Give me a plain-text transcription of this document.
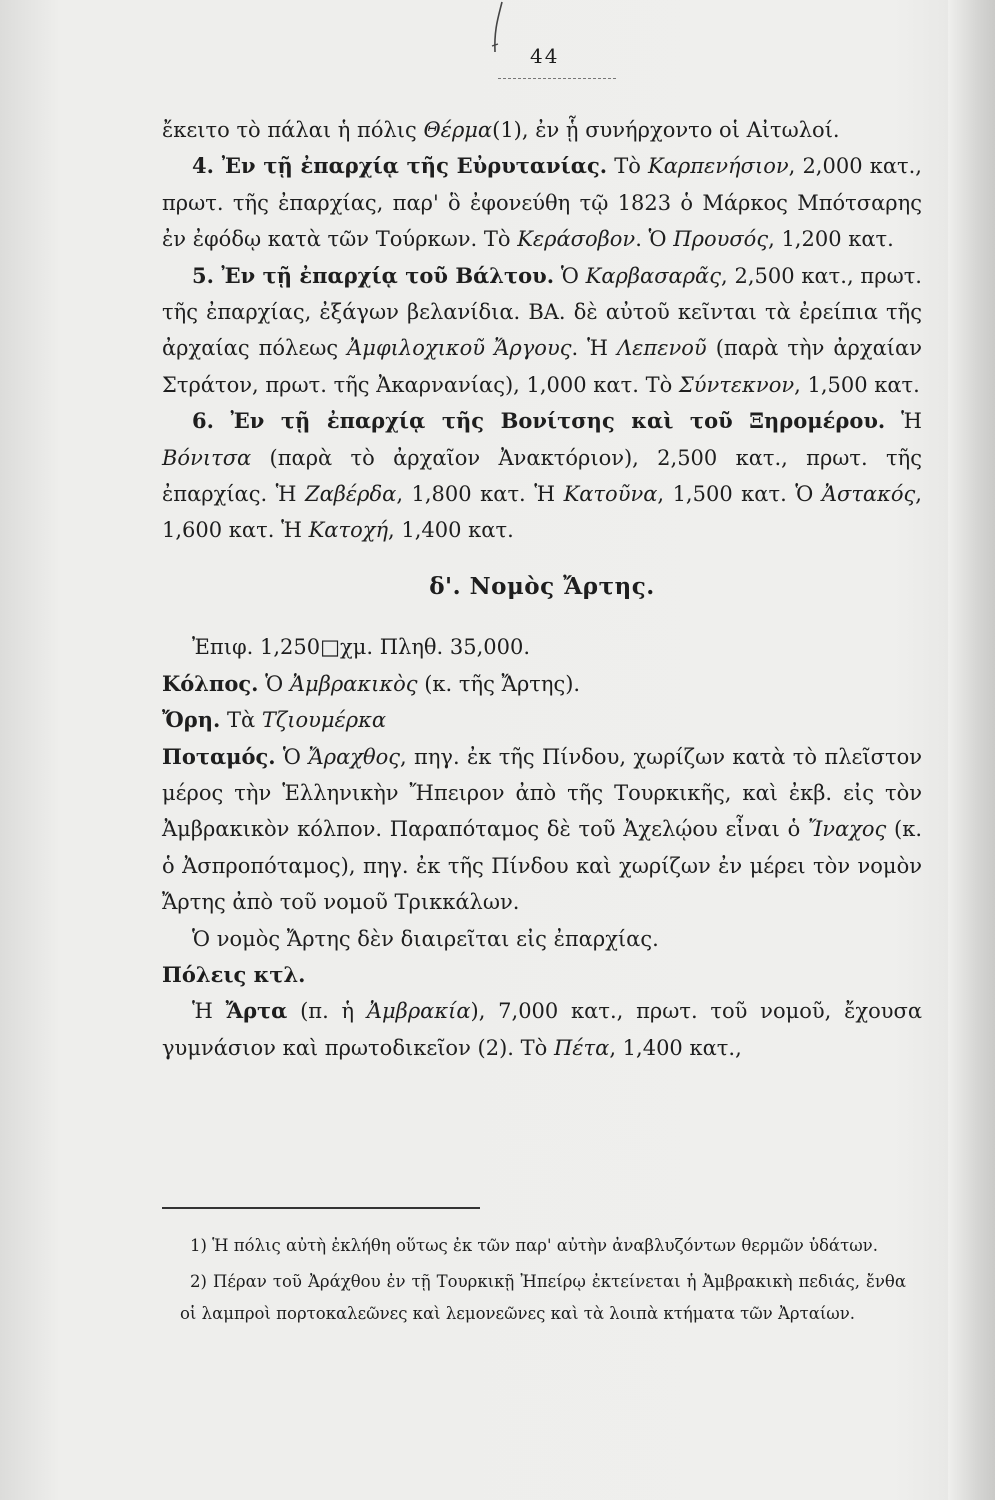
44

ἔκειτο τὸ πάλαι ἡ πόλις Θέρμα(1), ἐν ᾗ συνήρχοντο οἱ Αἰτωλοί.

4. Ἐν τῇ ἐπαρχίᾳ τῆς Εὐρυτανίας. Τὸ Καρπενήσιον, 2,000 κατ., πρωτ. τῆς ἐπαρχίας, παρ' ὃ ἐφονεύθη τῷ 1823 ὁ Μάρκος Μπότσαρης ἐν ἐφόδῳ κατὰ τῶν Τούρκων. Τὸ Κεράσοβον. Ὁ Προυσός, 1,200 κατ.

5. Ἐν τῇ ἐπαρχίᾳ τοῦ Βάλτου. Ὁ Καρβασαρᾶς, 2,500 κατ., πρωτ. τῆς ἐπαρχίας, ἐξάγων βελανίδια. ΒΑ. δὲ αὐτοῦ κεῖνται τὰ ἐρείπια τῆς ἀρχαίας πόλεως Ἀμφιλοχικοῦ Ἄργους. Ἡ Λεπενοῦ (παρὰ τὴν ἀρχαίαν Στράτον, πρωτ. τῆς Ἀκαρνανίας), 1,000 κατ. Τὸ Σύντεκνον, 1,500 κατ.

6. Ἐν τῇ ἐπαρχίᾳ τῆς Βονίτσης καὶ τοῦ Ξηρομέρου. Ἡ Βόνιτσα (παρὰ τὸ ἀρχαῖον Ἀνακτόριον), 2,500 κατ., πρωτ. τῆς ἐπαρχίας. Ἡ Ζαβέρδα, 1,800 κατ. Ἡ Κατοῦνα, 1,500 κατ. Ὁ Ἀστακός, 1,600 κατ. Ἡ Κατοχή, 1,400 κατ.

δ'. Νομὸς Ἄρτης.

Ἐπιφ. 1,250□χμ. Πληθ. 35,000.

Κόλπος. Ὁ Ἀμβρακικὸς (κ. τῆς Ἄρτης).

Ὄρη. Τὰ Τζιουμέρκα

Ποταμός. Ὁ Ἄραχθος, πηγ. ἐκ τῆς Πίνδου, χωρίζων κατὰ τὸ πλεῖστον μέρος τὴν Ἑλληνικὴν Ἤπειρον ἀπὸ τῆς Τουρκικῆς, καὶ ἐκβ. εἰς τὸν Ἀμβρακικὸν κόλπον. Παραπόταμος δὲ τοῦ Ἀχελῴου εἶναι ὁ Ἴναχος (κ. ὁ Ἀσπροπόταμος), πηγ. ἐκ τῆς Πίνδου καὶ χωρίζων ἐν μέρει τὸν νομὸν Ἄρτης ἀπὸ τοῦ νομοῦ Τρικκάλων.

Ὁ νομὸς Ἄρτης δὲν διαιρεῖται εἰς ἐπαρχίας.

Πόλεις κτλ.

Ἡ Ἄρτα (π. ἡ Ἀμβρακία), 7,000 κατ., πρωτ. τοῦ νομοῦ, ἔχουσα γυμνάσιον καὶ πρωτοδικεῖον (2). Τὸ Πέτα, 1,400 κατ.,

1) Ἡ πόλις αὐτὴ ἐκλήθη οὕτως ἐκ τῶν παρ' αὐτὴν ἀναβλυζόντων θερμῶν ὑδάτων.

2) Πέραν τοῦ Ἀράχθου ἐν τῇ Τουρκικῇ Ἠπείρῳ ἐκτείνεται ἡ Ἀμβρακικὴ πεδιάς, ἔνθα οἱ λαμπροὶ πορτοκαλεῶνες καὶ λεμονεῶνες καὶ τὰ λοιπὰ κτήματα τῶν Ἀρταίων.
